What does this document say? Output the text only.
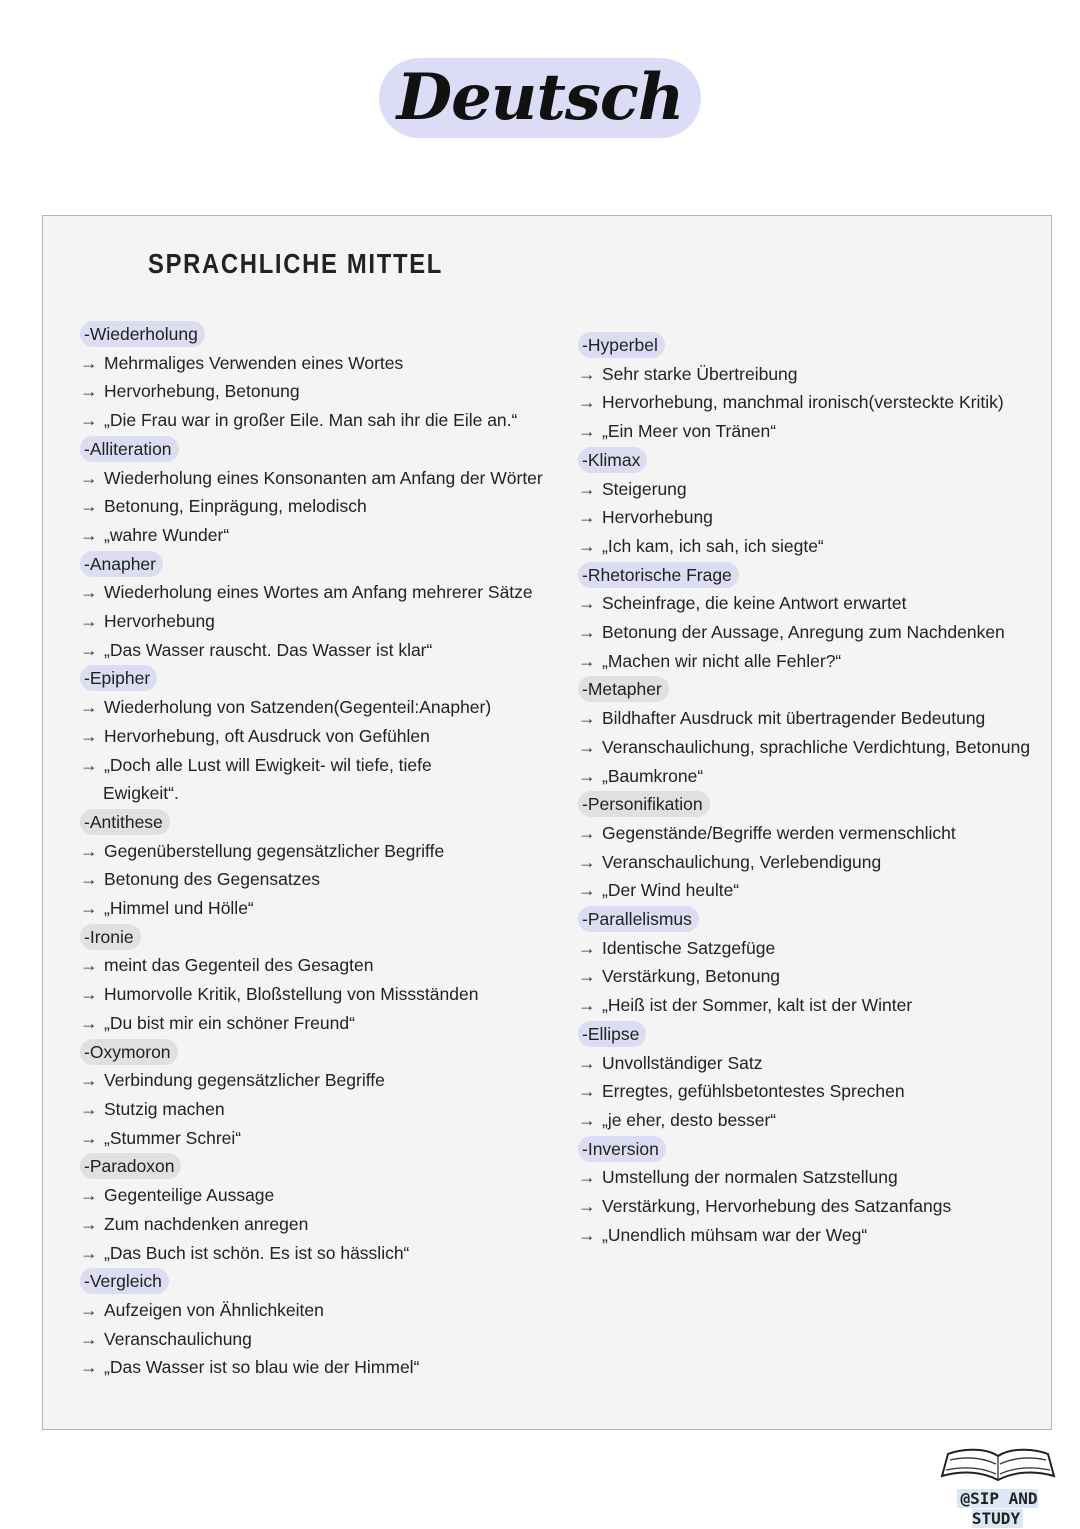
Deutsch
SPRACHLICHE MITTEL
-Wiederholung
→ Mehrmaliges Verwenden eines Wortes
→ Hervorhebung, Betonung
→ „Die Frau war in großer Eile. Man sah ihr die Eile an.“
-Alliteration
→ Wiederholung eines Konsonanten am Anfang der Wörter
→ Betonung, Einprägung, melodisch
→ „wahre Wunder“
-Anapher
→ Wiederholung eines Wortes am Anfang mehrerer Sätze
→ Hervorhebung
→ „Das Wasser rauscht. Das Wasser ist klar“
-Epipher
→ Wiederholung von Satzenden(Gegenteil:Anapher)
→ Hervorhebung, oft Ausdruck von Gefühlen
→ „Doch alle Lust will Ewigkeit- wil tiefe, tiefe
Ewigkeit“.
-Antithese
→ Gegenüberstellung gegensätzlicher Begriffe
→ Betonung des Gegensatzes
→ „Himmel und Hölle“
-Ironie
→ meint das Gegenteil des Gesagten
→ Humorvolle Kritik, Bloßstellung von Missständen
→ „Du bist mir ein schöner Freund“
-Oxymoron
→ Verbindung gegensätzlicher Begriffe
→ Stutzig machen
→ „Stummer Schrei“
-Paradoxon
→ Gegenteilige Aussage
→ Zum nachdenken anregen
→ „Das Buch ist schön. Es ist so hässlich“
-Vergleich
→ Aufzeigen von Ähnlichkeiten
→ Veranschaulichung
→ „Das Wasser ist so blau wie der Himmel“
-Hyperbel
→ Sehr starke Übertreibung
→ Hervorhebung, manchmal ironisch(versteckte Kritik)
→ „Ein Meer von Tränen“
-Klimax
→ Steigerung
→ Hervorhebung
→ „Ich kam, ich sah, ich siegte“
-Rhetorische Frage
→ Scheinfrage, die keine Antwort erwartet
→ Betonung der Aussage, Anregung zum Nachdenken
→ „Machen wir nicht alle Fehler?“
-Metapher
→ Bildhafter Ausdruck mit übertragender Bedeutung
→ Veranschaulichung, sprachliche Verdichtung, Betonung
→ „Baumkrone“
-Personifikation
→ Gegenstände/Begriffe werden vermenschlicht
→ Veranschaulichung, Verlebendigung
→ „Der Wind heulte“
-Parallelismus
→ Identische Satzgefüge
→ Verstärkung, Betonung
→ „Heiß ist der Sommer, kalt ist der Winter
-Ellipse
→ Unvollständiger Satz
→ Erregtes, gefühlsbetontestes Sprechen
→ „je eher, desto besser“
-Inversion
→ Umstellung der normalen Satzstellung
→ Verstärkung, Hervorhebung des Satzanfangs
→ „Unendlich mühsam war der Weg“
@SIP AND STUDY
